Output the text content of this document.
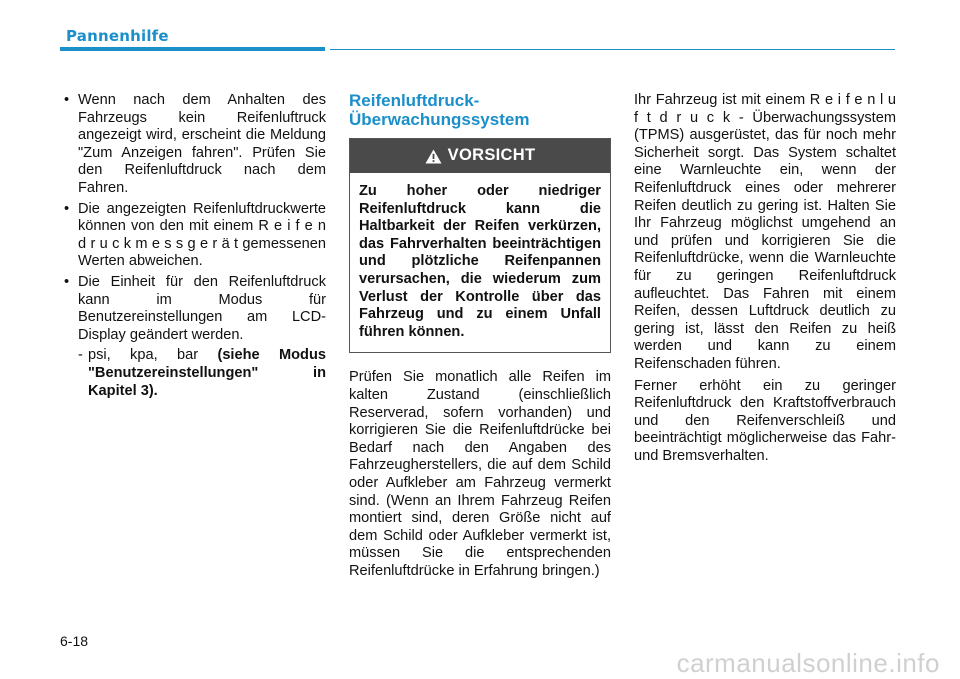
Pannenhilfe
• Wenn nach dem Anhalten des Fahrzeugs kein Reifenluftruck angezeigt wird, erscheint die Meldung "Zum Anzeigen fahren". Prüfen Sie den Reifenluftdruck nach dem Fahren.
• Die angezeigten Reifenluftdruckwerte können von den mit einem R e i f e n d r u c k m e s s g e r ä t gemessenen Werten abweichen.
• Die Einheit für den Reifenluftdruck kann im Modus für Benutzereinstellungen am LCD-Display geändert werden.
- psi, kpa, bar (siehe Modus "Benutzereinstellungen" in Kapitel 3).
Reifenluftdruck-Überwachungssystem
VORSICHT
Zu hoher oder niedriger Reifenluftdruck kann die Haltbarkeit der Reifen verkürzen, das Fahrverhalten beeinträchtigen und plötzliche Reifenpannen verursachen, die wiederum zum Verlust der Kontrolle über das Fahrzeug und zu einem Unfall führen können.
Prüfen Sie monatlich alle Reifen im kalten Zustand (einschließlich Reserverad, sofern vorhanden) und korrigieren Sie die Reifenluftdrücke bei Bedarf nach den Angaben des Fahrzeugherstellers, die auf dem Schild oder Aufkleber am Fahrzeug vermerkt sind. (Wenn an Ihrem Fahrzeug Reifen montiert sind, deren Größe nicht auf dem Schild oder Aufkleber vermerkt ist, müssen Sie die entsprechenden Reifenluftdrücke in Erfahrung bringen.)
Ihr Fahrzeug ist mit einem R e i f e n l u f t d r u c k - Überwachungssystem (TPMS) ausgerüstet, das für noch mehr Sicherheit sorgt. Das System schaltet eine Warnleuchte ein, wenn der Reifenluftdruck eines oder mehrerer Reifen deutlich zu gering ist. Halten Sie Ihr Fahrzeug möglichst umgehend an und prüfen und korrigieren Sie die Reifenluftdrücke, wenn die Warnleuchte für zu geringen Reifenluftdruck aufleuchtet. Das Fahren mit einem Reifen, dessen Luftdruck deutlich zu gering ist, lässt den Reifen zu heiß werden und kann zu einem Reifenschaden führen.
Ferner erhöht ein zu geringer Reifenluftdruck den Kraftstoffverbrauch und den Reifenverschleiß und beeinträchtigt möglicherweise das Fahr- und Bremsverhalten.
6-18
carmanualsonline.info
